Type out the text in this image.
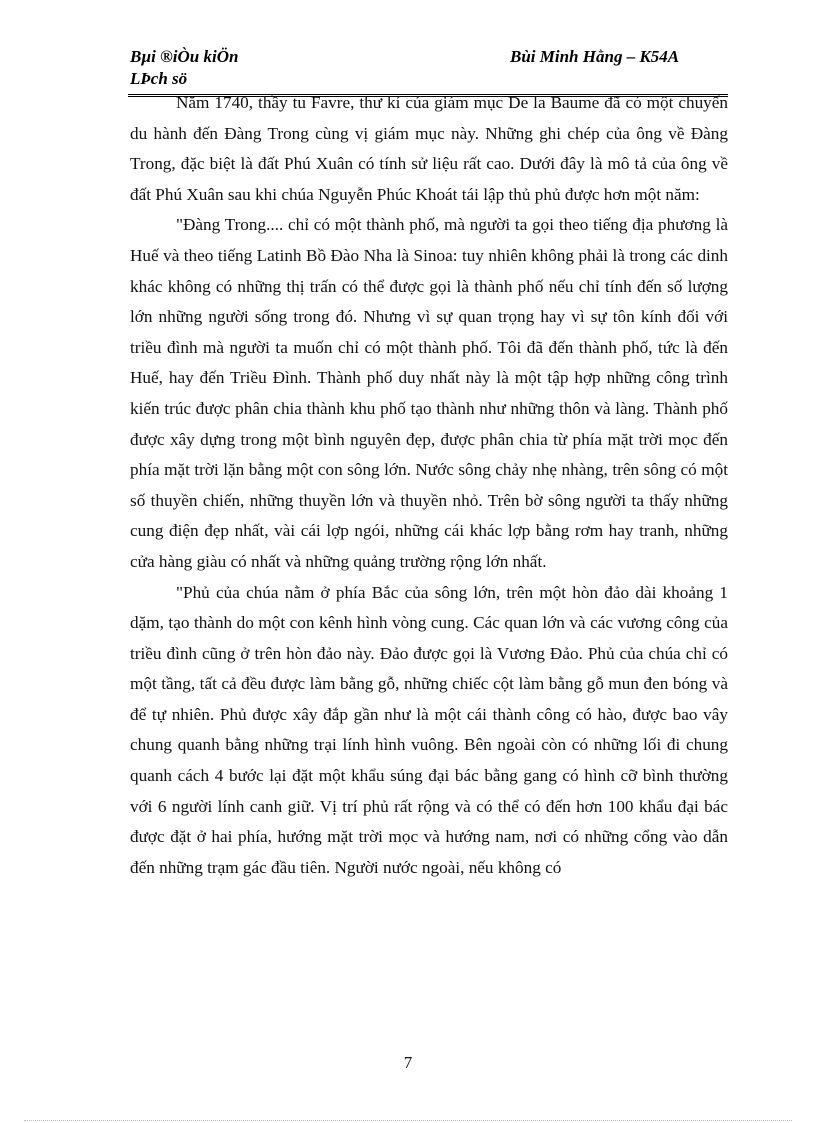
Bµi ®iÒu kiÖn
LÞch sö
Bùi Minh Hằng – K54A

Năm 1740, thầy tu Favre, thư kí của giám mục De la Baume đã có một chuyến du hành đến Đàng Trong cùng vị giám mục này. Những ghi chép của ông về Đàng Trong, đặc biệt là đất Phú Xuân có tính sử liệu rất cao. Dưới đây là mô tả của ông về đất Phú Xuân sau khi chúa Nguyễn Phúc Khoát tái lập thủ phủ được hơn một năm:

"Đàng Trong.... chỉ có một thành phố, mà người ta gọi theo tiếng địa phương là Huế và theo tiếng Latinh Bồ Đào Nha là Sinoa: tuy nhiên không phải là trong các dinh khác không có những thị trấn có thể được gọi là thành phố nếu chỉ tính đến số lượng lớn những người sống trong đó. Nhưng vì sự quan trọng hay vì sự tôn kính đối với triều đình mà người ta muốn chỉ có một thành phố. Tôi đã đến thành phố, tức là đến Huế, hay đến Triều Đình. Thành phố duy nhất này là một tập hợp những công trình kiến trúc được phân chia thành khu phố tạo thành như những thôn và làng. Thành phố được xây dựng trong một bình nguyên đẹp, được phân chia từ phía mặt trời mọc đến phía mặt trời lặn bằng một con sông lớn. Nước sông chảy nhẹ nhàng, trên sông có một số thuyền chiến, những thuyền lớn và thuyền nhỏ. Trên bờ sông người ta thấy những cung điện đẹp nhất, vài cái lợp ngói, những cái khác lợp bằng rơm hay tranh, những cửa hàng giàu có nhất và những quảng trường rộng lớn nhất.

"Phủ của chúa nằm ở phía Bắc của sông lớn, trên một hòn đảo dài khoảng 1 dặm, tạo thành do một con kênh hình vòng cung. Các quan lớn và các vương công của triều đình cũng ở trên hòn đảo này. Đảo được gọi là Vương Đảo. Phủ của chúa chỉ có một tầng, tất cả đều được làm bằng gỗ, những chiếc cột làm bằng gỗ mun đen bóng và để tự nhiên. Phủ được xây đắp gần như là một cái thành công có hào, được bao vây chung quanh bằng những trại lính hình vuông. Bên ngoài còn có những lối đi chung quanh cách 4 bước lại đặt một khẩu súng đại bác bằng gang có hình cỡ bình thường với 6 người lính canh giữ. Vị trí phủ rất rộng và có thể có đến hơn 100 khẩu đại bác được đặt ở hai phía, hướng mặt trời mọc và hướng nam, nơi có những cổng vào dẫn đến những trạm gác đầu tiên. Người nước ngoài, nếu không có

7
